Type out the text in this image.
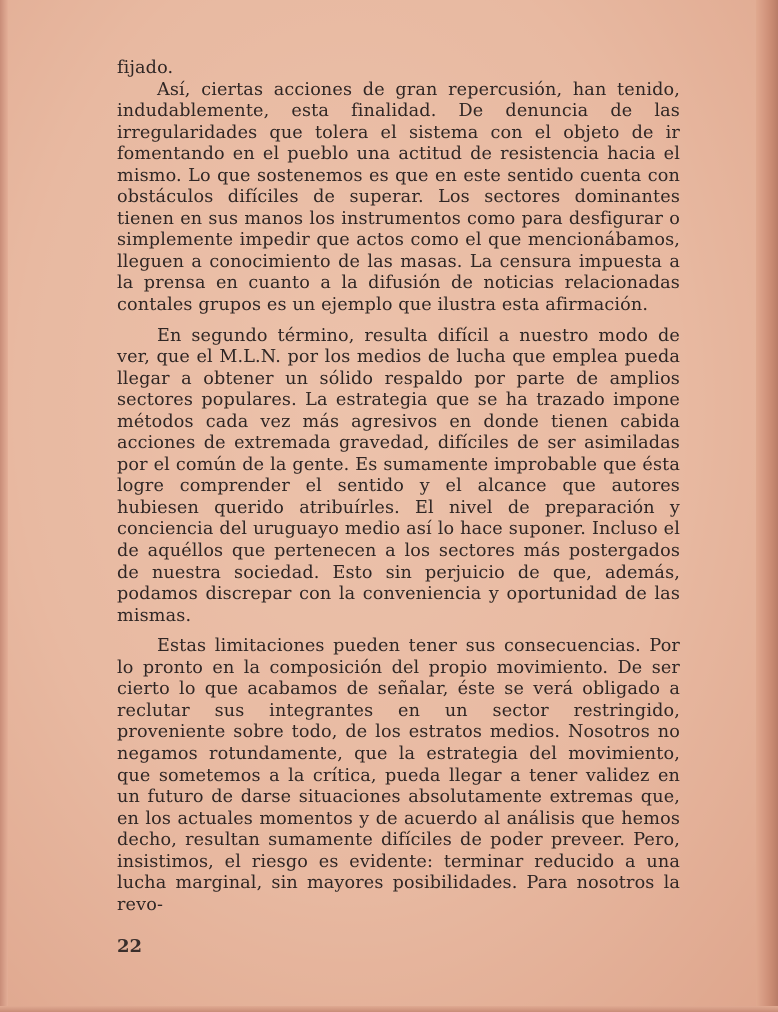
fijado.

Así, ciertas acciones de gran repercusión, han tenido, indudablemente, esta finalidad. De denuncia de las irregularidades que tolera el sistema con el objeto de ir fomentando en el pueblo una actitud de resistencia hacia el mismo. Lo que sostenemos es que en este sentido cuenta con obstáculos difíciles de superar. Los sectores dominantes tienen en sus manos los instrumentos como para desfigurar o simplemente impedir que actos como el que mencionábamos, lleguen a conocimiento de las masas. La censura impuesta a la prensa en cuanto a la difusión de noticias relacionadas contales grupos es un ejemplo que ilustra esta afirmación.

En segundo término, resulta difícil a nuestro modo de ver, que el M.L.N. por los medios de lucha que emplea pueda llegar a obtener un sólido respaldo por parte de amplios sectores populares. La estrategia que se ha trazado impone métodos cada vez más agresivos en donde tienen cabida acciones de extremada gravedad, difíciles de ser asimiladas por el común de la gente. Es sumamente improbable que ésta logre comprender el sentido y el alcance que autores hubiesen querido atribuírles. El nivel de preparación y conciencia del uruguayo medio así lo hace suponer. Incluso el de aquéllos que pertenecen a los sectores más postergados de nuestra sociedad. Esto sin perjuicio de que, además, podamos discrepar con la conveniencia y oportunidad de las mismas.

Estas limitaciones pueden tener sus consecuencias. Por lo pronto en la composición del propio movimiento. De ser cierto lo que acabamos de señalar, éste se verá obligado a reclutar sus integrantes en un sector restringido, proveniente sobre todo, de los estratos medios. Nosotros no negamos rotundamente, que la estrategia del movimiento, que sometemos a la crítica, pueda llegar a tener validez en un futuro de darse situaciones absolutamente extremas que, en los actuales momentos y de acuerdo al análisis que hemos decho, resultan sumamente difíciles de poder preveer. Pero, insistimos, el riesgo es evidente: terminar reducido a una lucha marginal, sin mayores posibilidades. Para nosotros la revo-

22
